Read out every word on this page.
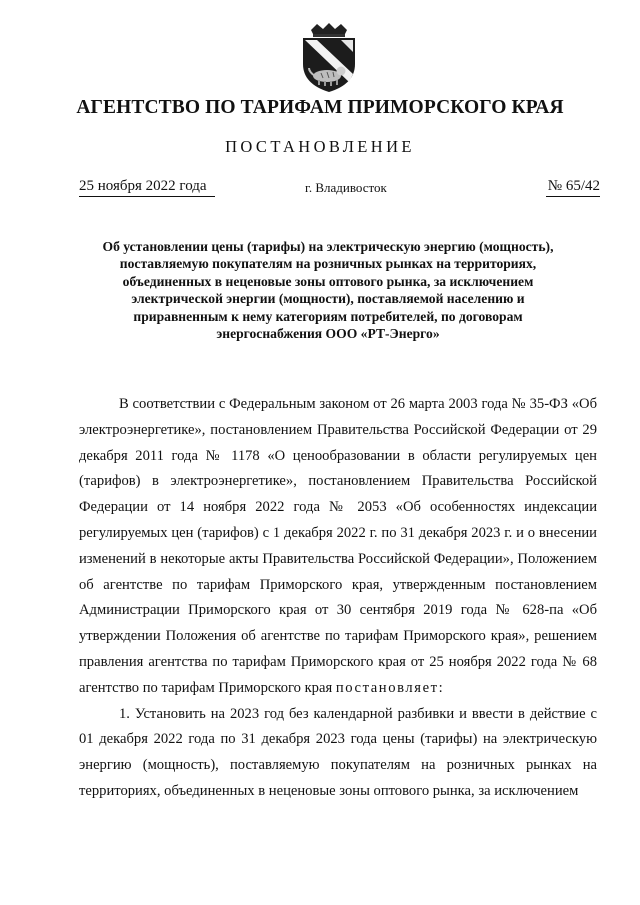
АГЕНТСТВО ПО ТАРИФАМ ПРИМОРСКОГО КРАЯ
ПОСТАНОВЛЕНИЕ
25 ноября 2022 года	г. Владивосток	№ 65/42
Об установлении цены (тарифы) на электрическую энергию (мощность), поставляемую покупателям на розничных рынках на территориях, объединенных в неценовые зоны оптового рынка, за исключением электрической энергии (мощности), поставляемой населению и приравненным к нему категориям потребителей, по договорам энергоснабжения ООО «РТ-Энерго»

В соответствии с Федеральным законом от 26 марта 2003 года № 35-ФЗ «Об электроэнергетике», постановлением Правительства Российской Федерации от 29 декабря 2011 года № 1178 «О ценообразовании в области регулируемых цен (тарифов) в электроэнергетике», постановлением Правительства Российской Федерации от 14 ноября 2022 года № 2053 «Об особенностях индексации регулируемых цен (тарифов) с 1 декабря 2022 г. по 31 декабря 2023 г. и о внесении изменений в некоторые акты Правительства Российской Федерации», Положением об агентстве по тарифам Приморского края, утвержденным постановлением Администрации Приморского края от 30 сентября 2019 года № 628-па «Об утверждении Положения об агентстве по тарифам Приморского края», решением правления агентства по тарифам Приморского края от 25 ноября 2022 года № 68 агентство по тарифам Приморского края постановляет:

1. Установить на 2023 год без календарной разбивки и ввести в действие с 01 декабря 2022 года по 31 декабря 2023 года цены (тарифы) на электрическую энергию (мощность), поставляемую покупателям на розничных рынках на территориях, объединенных в неценовые зоны оптового рынка, за исключением
